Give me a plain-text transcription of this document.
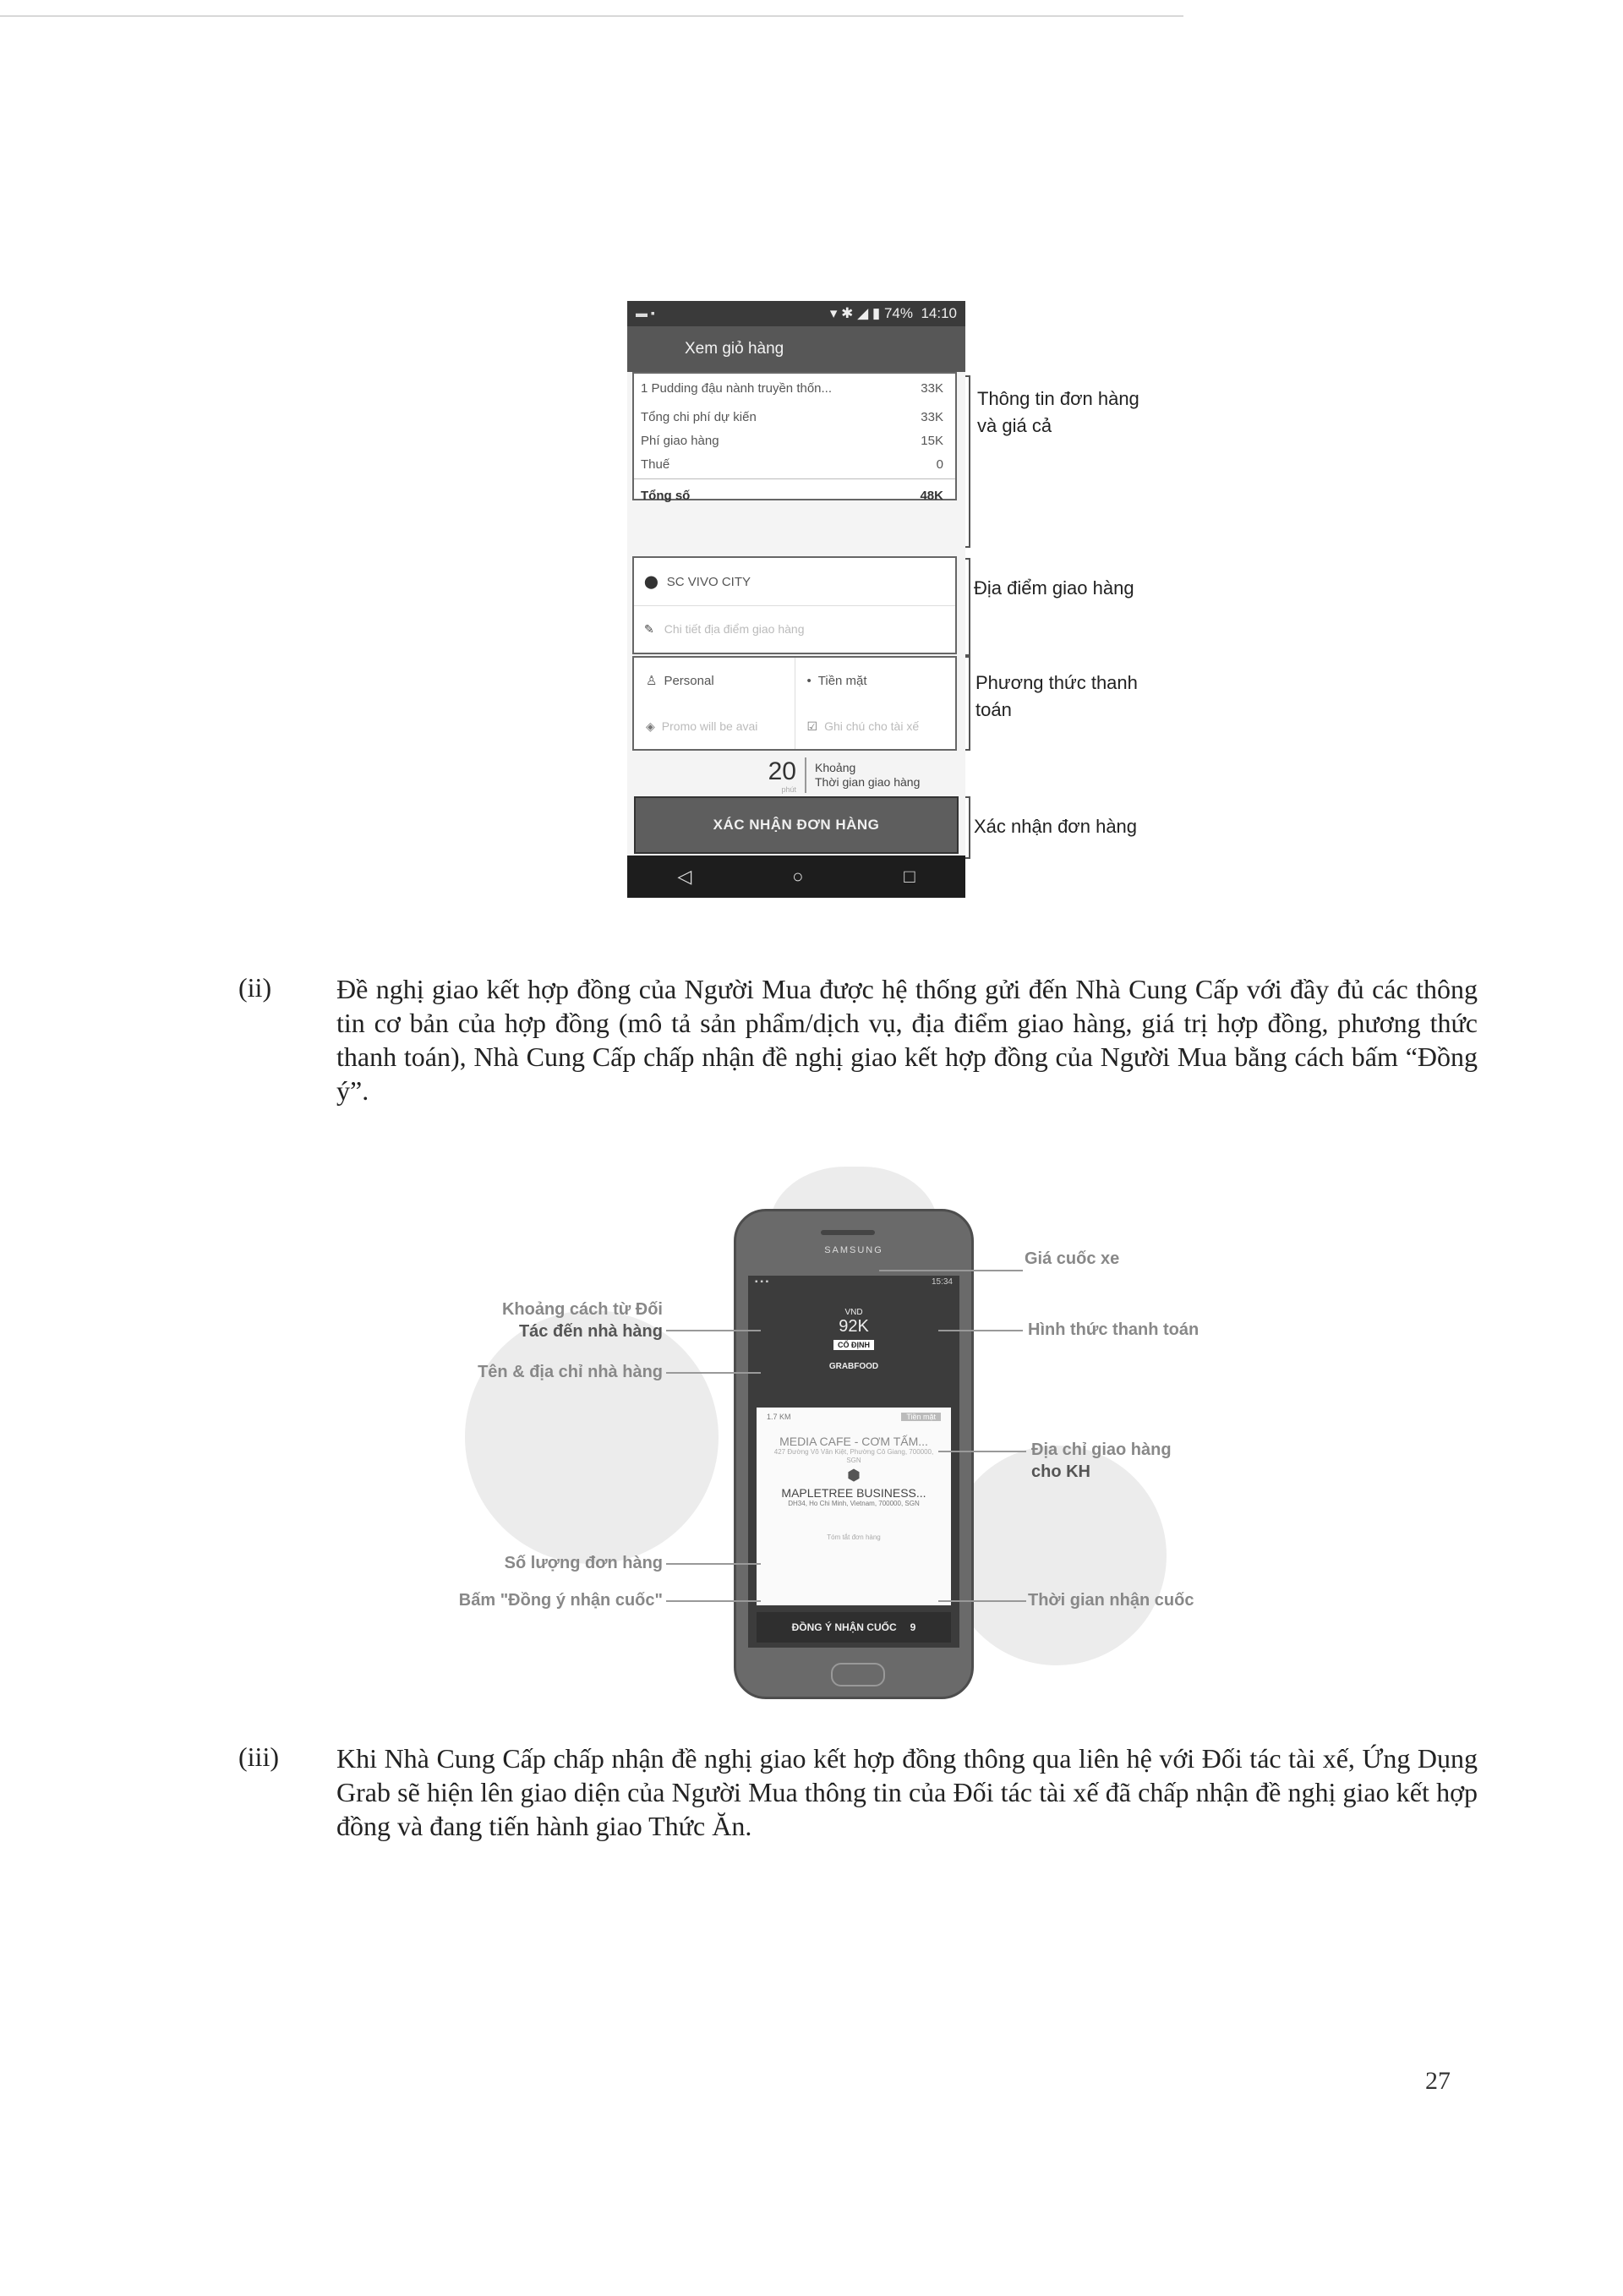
▬ ▪	▾ ✱ ◢ ▮ 74%
14:10
Xem giỏ hàng
1 Pudding đậu nành truyền thốn...	33K
Tổng chi phí dự kiến	33K
Phí giao hàng	15K
Thuế	0
Tổng số	48K
⬤ SC VIVO CITY
✎ Chi tiết địa điểm giao hàng
♙ Personal	• Tiền mặt
◈ Promo will be avai	☑ Ghi chú cho tài xế
20
phút
Khoảng
Thời gian giao hàng
XÁC NHẬN ĐƠN HÀNG
◁	○	□
Thông tin đơn hàng
và giá cả
Địa điểm giao hàng
Phương thức thanh
toán
Xác nhận đơn hàng
(ii) Đề nghị giao kết hợp đồng của Người Mua được hệ thống gửi đến Nhà Cung Cấp với đầy đủ các thông tin cơ bản của hợp đồng (mô tả sản phẩm/dịch vụ, địa điểm giao hàng, giá trị hợp đồng, phương thức thanh toán), Nhà Cung Cấp chấp nhận đề nghị giao kết hợp đồng của Người Mua bằng cách bấm “Đồng ý”.
SAMSUNG
▪ ▪ ▪	15:34
VND
92K
CỐ ĐỊNH
GRABFOOD
1.7 KM	Tiền mặt
MEDIA CAFE - CƠM TẤM...
427 Đường Võ Văn Kiệt, Phường Cô Giang, 700000, SGN
⬢
MAPLETREE BUSINESS...
DH34, Ho Chi Minh, Vietnam, 700000, SGN
Tóm tắt đơn hàng
ĐỒNG Ý NHẬN CUỐC 9
Khoảng cách từ Đối
Tác đến nhà hàng
Tên & địa chỉ nhà hàng
Số lượng đơn hàng
Bấm "Đồng ý nhận cuốc"
Giá cuốc xe
Hình thức thanh toán
Địa chỉ giao hàng
cho KH
Thời gian nhận cuốc
(iii) Khi Nhà Cung Cấp chấp nhận đề nghị giao kết hợp đồng thông qua liên hệ với Đối tác tài xế, Ứng Dụng Grab sẽ hiện lên giao diện của Người Mua thông tin của Đối tác tài xế đã chấp nhận đề nghị giao kết hợp đồng và đang tiến hành giao Thức Ăn.
27
